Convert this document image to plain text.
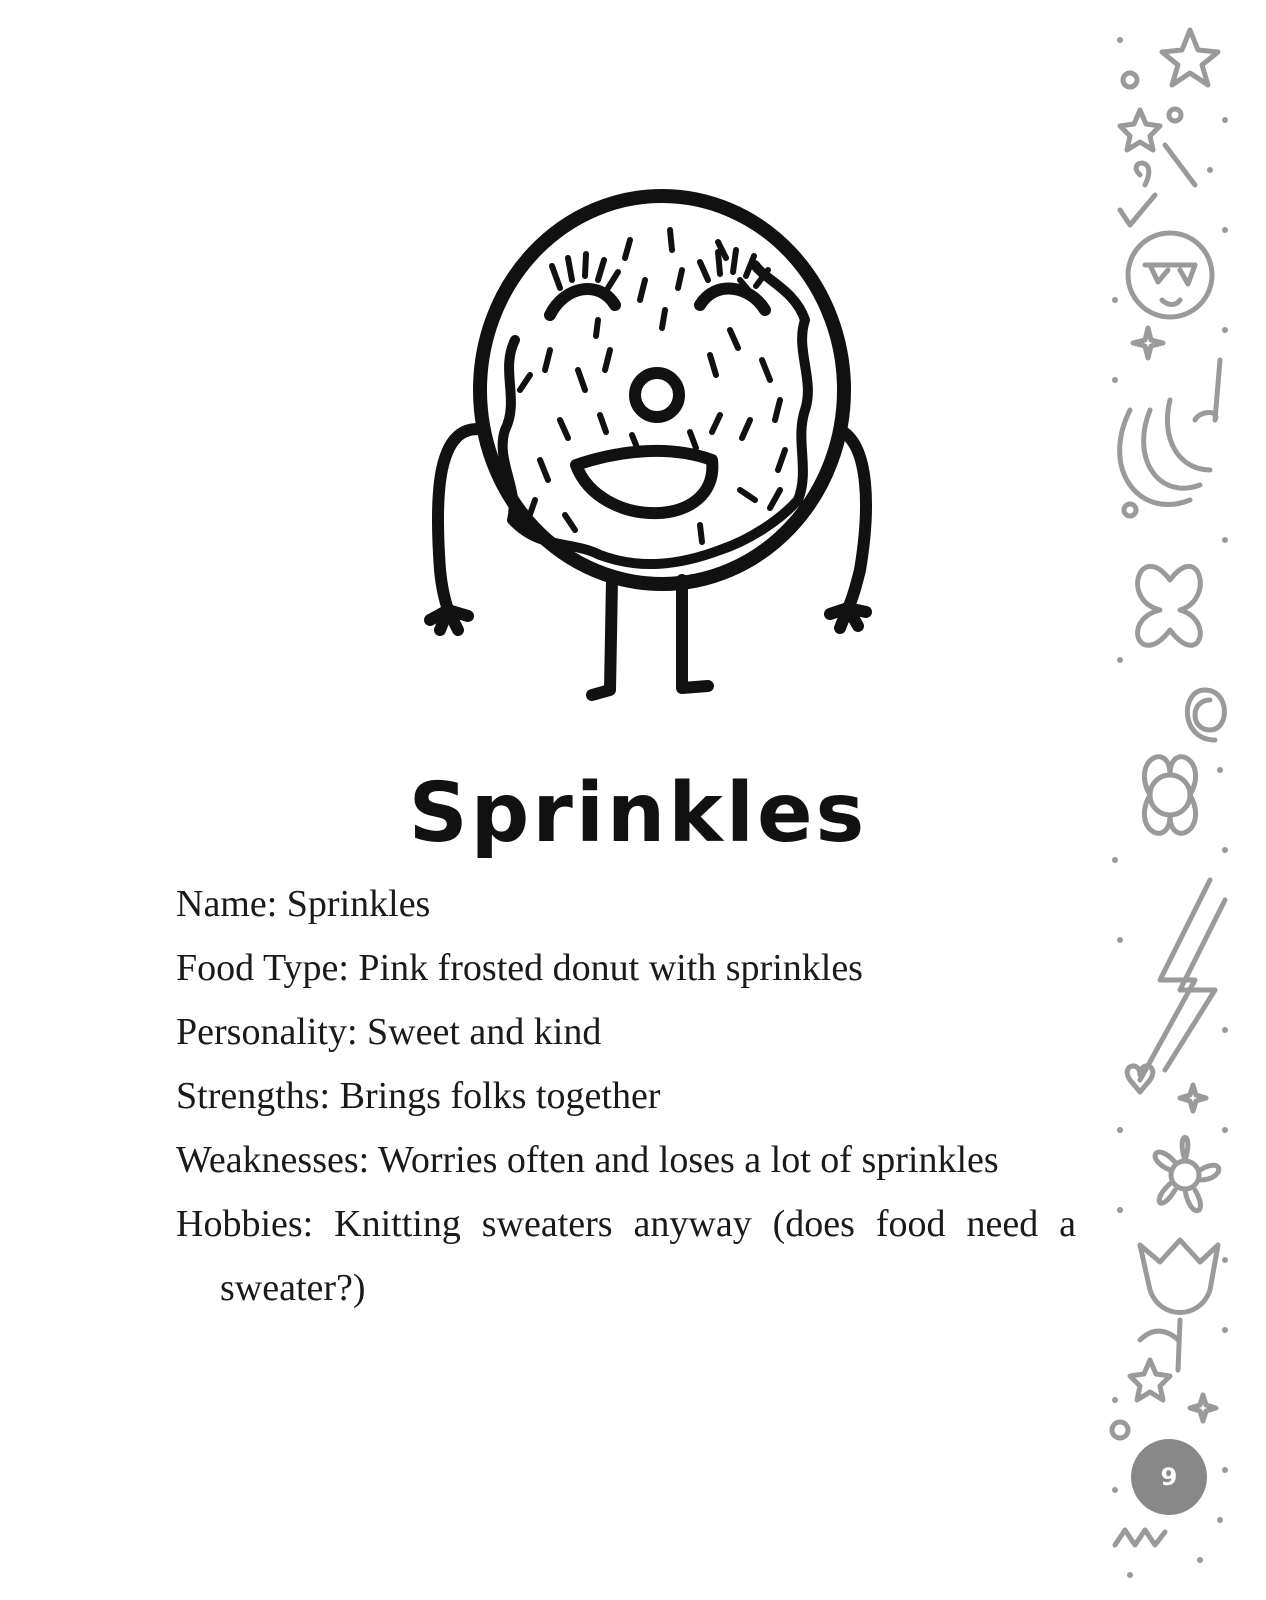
Sprinkles

Name: Sprinkles

Food Type: Pink frosted donut with sprinkles

Personality: Sweet and kind

Strengths: Brings folks together

Weaknesses: Worries often and loses a lot of sprinkles

Hobbies: Knitting sweaters anyway (does food need a sweater?)

9
